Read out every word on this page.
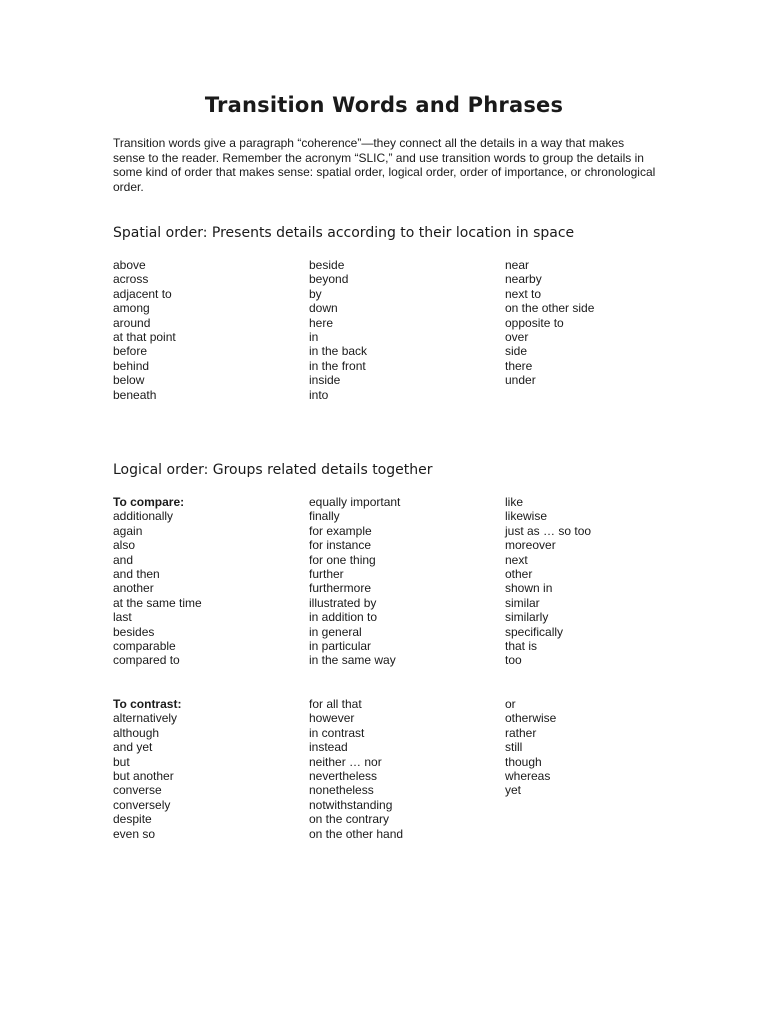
Transition Words and Phrases

Transition words give a paragraph “coherence”—they connect all the details in a way that makes sense to the reader. Remember the acronym “SLIC,” and use transition words to group the details in some kind of order that makes sense: spatial order, logical order, order of importance, or chronological order.

Spatial order: Presents details according to their location in space
above
across
adjacent to
among
around
at that point
before
behind
below
beneath
beside
beyond
by
down
here
in
in the back
in the front
inside
into
near
nearby
next to
on the other side
opposite to
over
side
there
under
Logical order: Groups related details together
To compare:
additionally
again
also
and
and then
another
at the same time
last
besides
comparable
compared to
equally important
finally
for example
for instance
for one thing
further
furthermore
illustrated by
in addition to
in general
in particular
in the same way
like
likewise
just as … so too
moreover
next
other
shown in
similar
similarly
specifically
that is
too
To contrast:
alternatively
although
and yet
but
but another
converse
conversely
despite
even so
for all that
however
in contrast
instead
neither … nor
nevertheless
nonetheless
notwithstanding
on the contrary
on the other hand
or
otherwise
rather
still
though
whereas
yet
